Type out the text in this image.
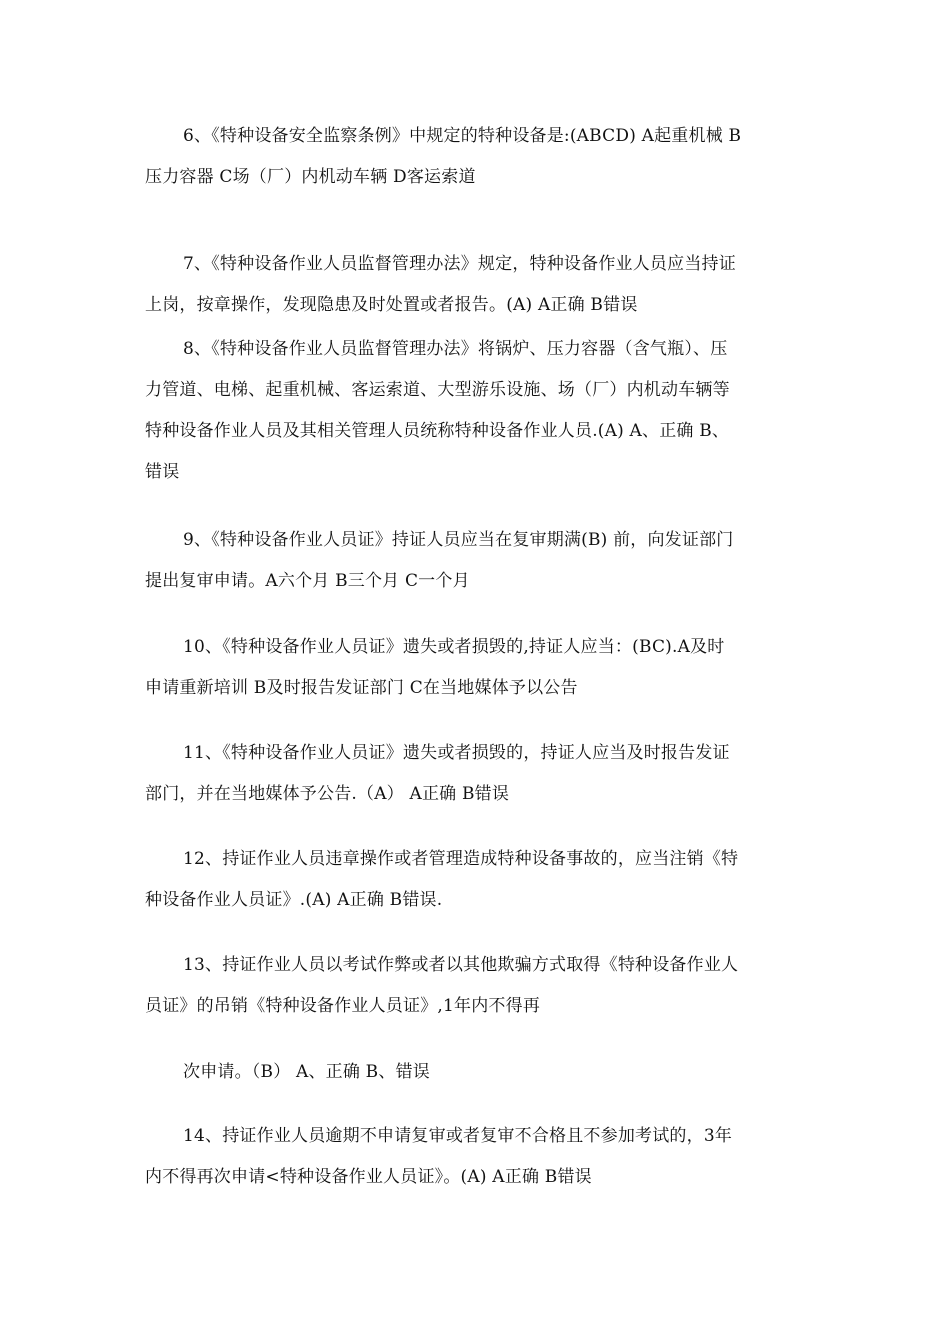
6、《特种设备安全监察条例》中规定的特种设备是:(ABCD) A起重机械 B
压力容器 C场（厂）内机动车辆 D客运索道

7、《特种设备作业人员监督管理办法》规定，特种设备作业人员应当持证
上岗，按章操作，发现隐患及时处置或者报告。(A) A正确 B错误

8、《特种设备作业人员监督管理办法》将锅炉、压力容器（含气瓶）、压
力管道、电梯、起重机械、客运索道、大型游乐设施、场（厂）内机动车辆等
特种设备作业人员及其相关管理人员统称特种设备作业人员.(A) A、正确 B、
错误

9、《特种设备作业人员证》持证人员应当在复审期满(B) 前，向发证部门
提出复审申请。A六个月 B三个月 C一个月

10、《特种设备作业人员证》遗失或者损毁的,持证人应当：(BC).A及时
申请重新培训 B及时报告发证部门 C在当地媒体予以公告

11、《特种设备作业人员证》遗失或者损毁的，持证人应当及时报告发证
部门，并在当地媒体予公告.（A） A正确 B错误

12、持证作业人员违章操作或者管理造成特种设备事故的，应当注销《特
种设备作业人员证》.(A) A正确 B错误.

13、持证作业人员以考试作弊或者以其他欺骗方式取得《特种设备作业人
员证》的吊销《特种设备作业人员证》,1年内不得再

次申请。（B） A、正确 B、错误

14、持证作业人员逾期不申请复审或者复审不合格且不参加考试的，3年
内不得再次申请<特种设备作业人员证》。(A) A正确 B错误
